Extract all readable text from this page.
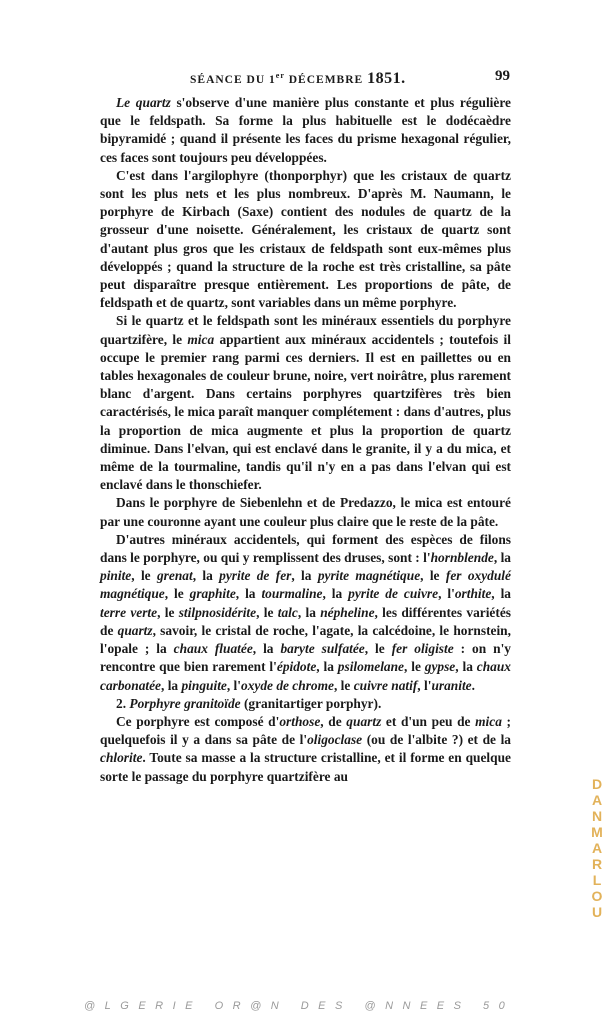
SÉANCE DU 1er DÉCEMBRE 1851.	99

Le quartz s'observe d'une manière plus constante et plus régulière que le feldspath. Sa forme la plus habituelle est le dodécaèdre bipyramidé ; quand il présente les faces du prisme hexagonal régulier, ces faces sont toujours peu développées.

C'est dans l'argilophyre (thonporphyr) que les cristaux de quartz sont les plus nets et les plus nombreux. D'après M. Naumann, le porphyre de Kirbach (Saxe) contient des nodules de quartz de la grosseur d'une noisette. Généralement, les cristaux de quartz sont d'autant plus gros que les cristaux de feldspath sont eux-mêmes plus développés ; quand la structure de la roche est très cristalline, sa pâte peut disparaître presque entièrement. Les proportions de pâte, de feldspath et de quartz, sont variables dans un même porphyre.

Si le quartz et le feldspath sont les minéraux essentiels du porphyre quartzifère, le mica appartient aux minéraux accidentels ; toutefois il occupe le premier rang parmi ces derniers. Il est en paillettes ou en tables hexagonales de couleur brune, noire, vert noirâtre, plus rarement blanc d'argent. Dans certains porphyres quartzifères très bien caractérisés, le mica paraît manquer complétement : dans d'autres, plus la proportion de mica augmente et plus la proportion de quartz diminue. Dans l'elvan, qui est enclavé dans le granite, il y a du mica, et même de la tourmaline, tandis qu'il n'y en a pas dans l'elvan qui est enclavé dans le thonschiefer.

Dans le porphyre de Siebenlehn et de Predazzo, le mica est entouré par une couronne ayant une couleur plus claire que le reste de la pâte.

D'autres minéraux accidentels, qui forment des espèces de filons dans le porphyre, ou qui y remplissent des druses, sont : l'hornblende, la pinite, le grenat, la pyrite de fer, la pyrite magnétique, le fer oxydulé magnétique, le graphite, la tourmaline, la pyrite de cuivre, l'orthite, la terre verte, le stilpnosidérite, le talc, la népheline, les différentes variétés de quartz, savoir, le cristal de roche, l'agate, la calcédoine, le hornstein, l'opale ; la chaux fluatée, la baryte sulfatée, le fer oligiste : on n'y rencontre que bien rarement l'épidote, la psilomelane, le gypse, la chaux carbonatée, la pinguite, l'oxyde de chrome, le cuivre natif, l'uranite.

2. Porphyre granitoïde (granitartiger porphyr).

Ce porphyre est composé d'orthose, de quartz et d'un peu de mica ; quelquefois il y a dans sa pâte de l'oligoclase (ou de l'albite ?) et de la chlorite. Toute sa masse a la structure cristalline, et il forme en quelque sorte le passage du porphyre quartzifère au	DANMARLOU
@LGERIE OR@N DES @NNEES 50
